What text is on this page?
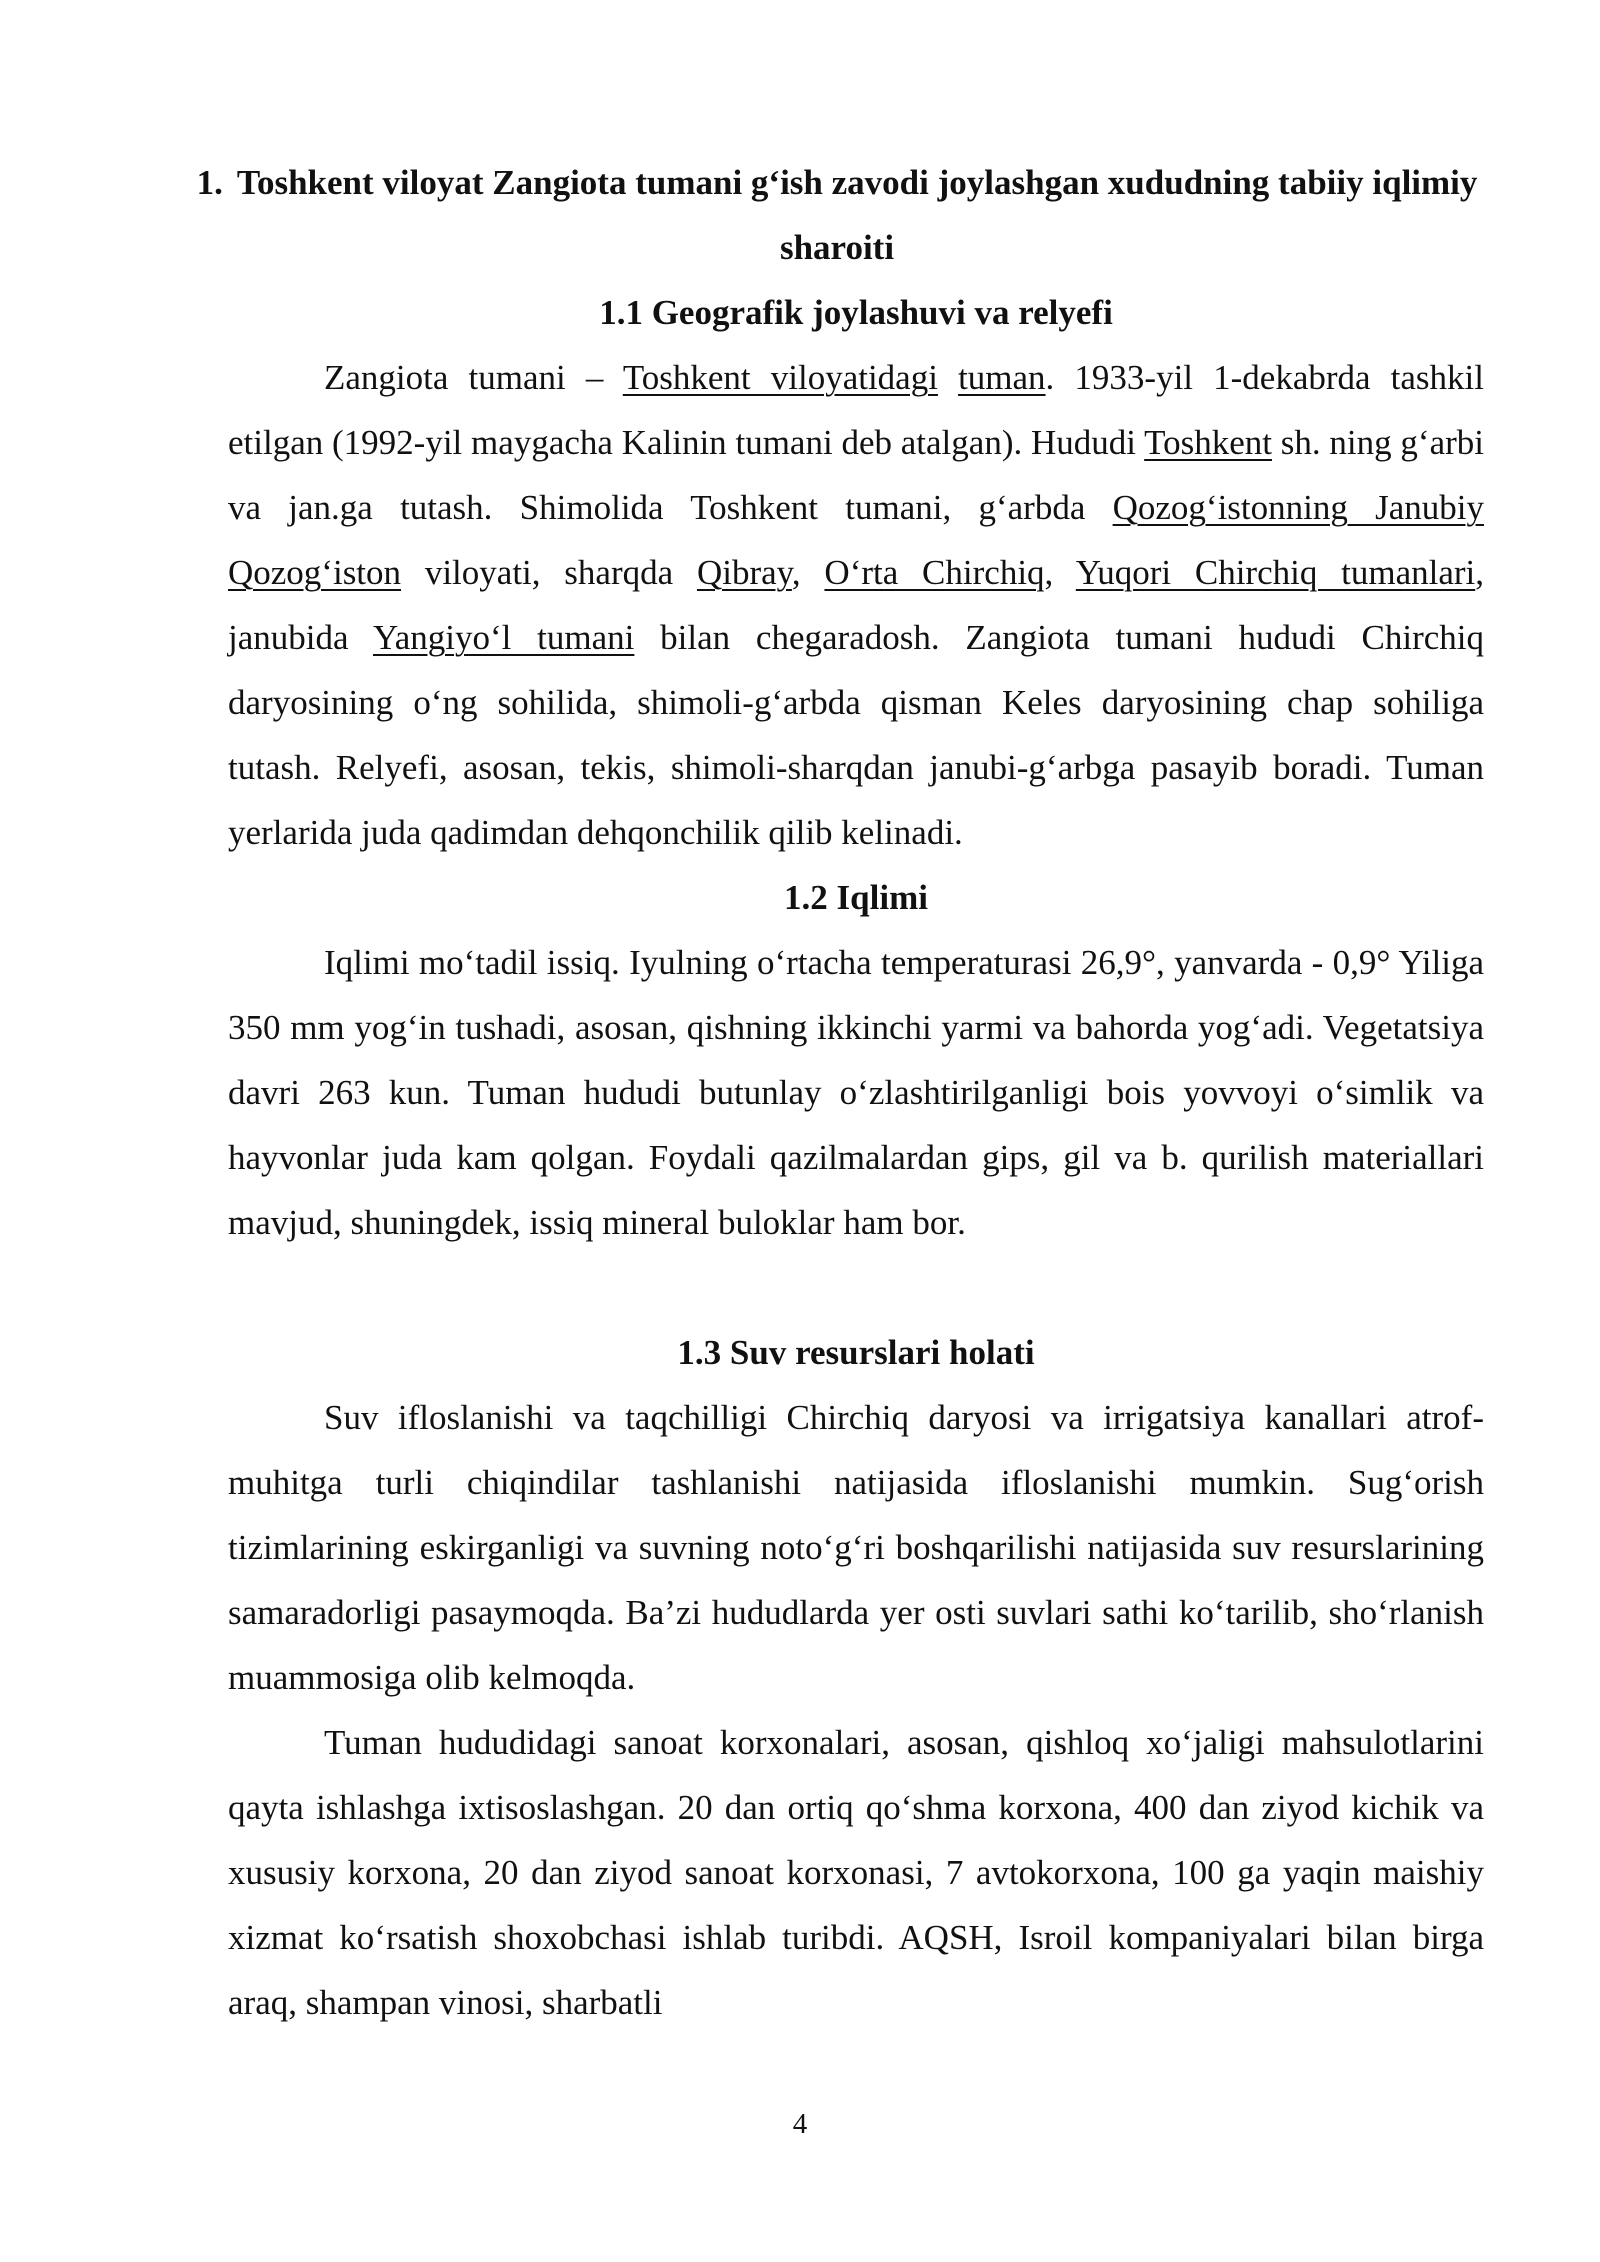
1. Toshkent viloyat Zangiota tumani g‘ish zavodi joylashgan xududning tabiiy iqlimiy sharoiti
1.1 Geografik joylashuvi va relyefi

Zangiota tumani – Toshkent viloyatidagi tuman. 1933-yil 1-dekabrda tashkil etilgan (1992-yil maygacha Kalinin tumani deb atalgan). Hududi Toshkent sh. ning g‘arbi va jan.ga tutash. Shimolida Toshkent tumani, g‘arbda Qozog‘istonning Janubiy Qozog‘iston viloyati, sharqda Qibray, O‘rta Chirchiq, Yuqori Chirchiq tumanlari, janubida Yangiyo‘l tumani bilan chegaradosh. Zangiota tumani hududi Chirchiq daryosining o‘ng sohilida, shimoli-g‘arbda qisman Keles daryosining chap sohiliga tutash. Relyefi, asosan, tekis, shimoli-sharqdan janubi-g‘arbga pasayib boradi. Tuman yerlarida juda qadimdan dehqonchilik qilib kelinadi.

1.2 Iqlimi

Iqlimi mo‘tadil issiq. Iyulning o‘rtacha temperaturasi 26,9°, yanvarda - 0,9° Yiliga 350 mm yog‘in tushadi, asosan, qishning ikkinchi yarmi va bahorda yog‘adi. Vegetatsiya davri 263 kun. Tuman hududi butunlay o‘zlashtirilganligi bois yovvoyi o‘simlik va hayvonlar juda kam qolgan. Foydali qazilmalardan gips, gil va b. qurilish materiallari mavjud, shuningdek, issiq mineral buloklar ham bor.

1.3 Suv resurslari holati

Suv ifloslanishi va taqchilligi Chirchiq daryosi va irrigatsiya kanallari atrof-muhitga turli chiqindilar tashlanishi natijasida ifloslanishi mumkin. Sug‘orish tizimlarining eskirganligi va suvning noto‘g‘ri boshqarilishi natijasida suv resurslarining samaradorligi pasaymoqda. Ba’zi hududlarda yer osti suvlari sathi ko‘tarilib, sho‘rlanish muammosiga olib kelmoqda.

Tuman hududidagi sanoat korxonalari, asosan, qishloq xo‘jaligi mahsulotlarini qayta ishlashga ixtisoslashgan. 20 dan ortiq qo‘shma korxona, 400 dan ziyod kichik va xususiy korxona, 20 dan ziyod sanoat korxonasi, 7 avtokorxona, 100 ga yaqin maishiy xizmat ko‘rsatish shoxobchasi ishlab turibdi. AQSH, Isroil kompaniyalari bilan birga araq, shampan vinosi, sharbatli

4
